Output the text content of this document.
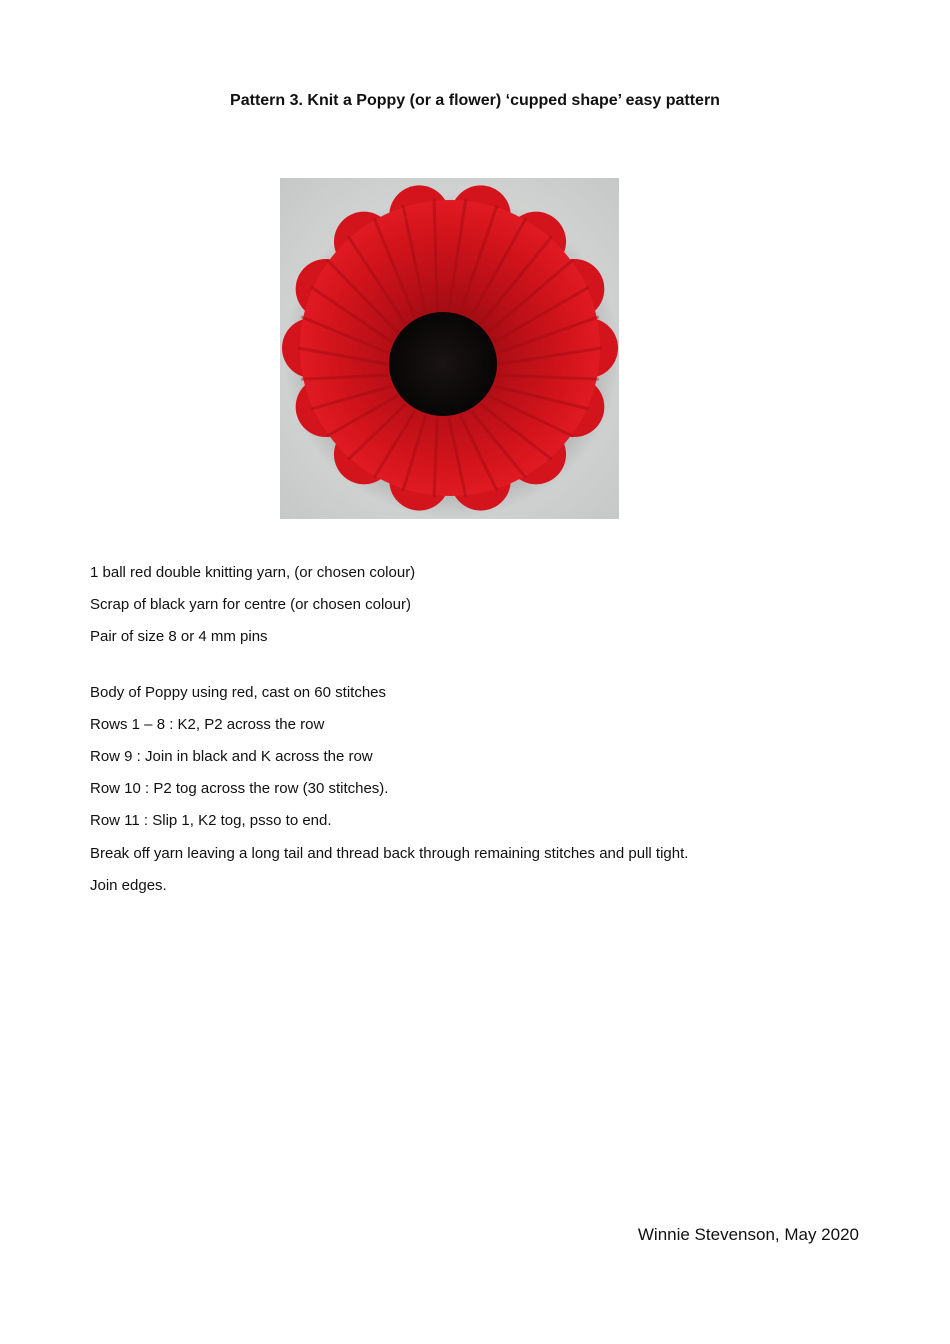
Pattern 3. Knit a Poppy (or a flower) ‘cupped shape’ easy pattern
1 ball red double knitting yarn, (or chosen colour)
Scrap of black yarn for centre (or chosen colour)
Pair of size 8 or 4 mm pins
Body of Poppy using red, cast on 60 stitches
Rows 1 – 8 : K2, P2 across the row
Row 9 : Join in black and K across the row
Row 10 : P2 tog across the row (30 stitches).
Row 11 : Slip 1, K2 tog, psso to end.
Break off yarn leaving a long tail and thread back through remaining stitches and pull tight.
Join edges.
Winnie Stevenson, May 2020
